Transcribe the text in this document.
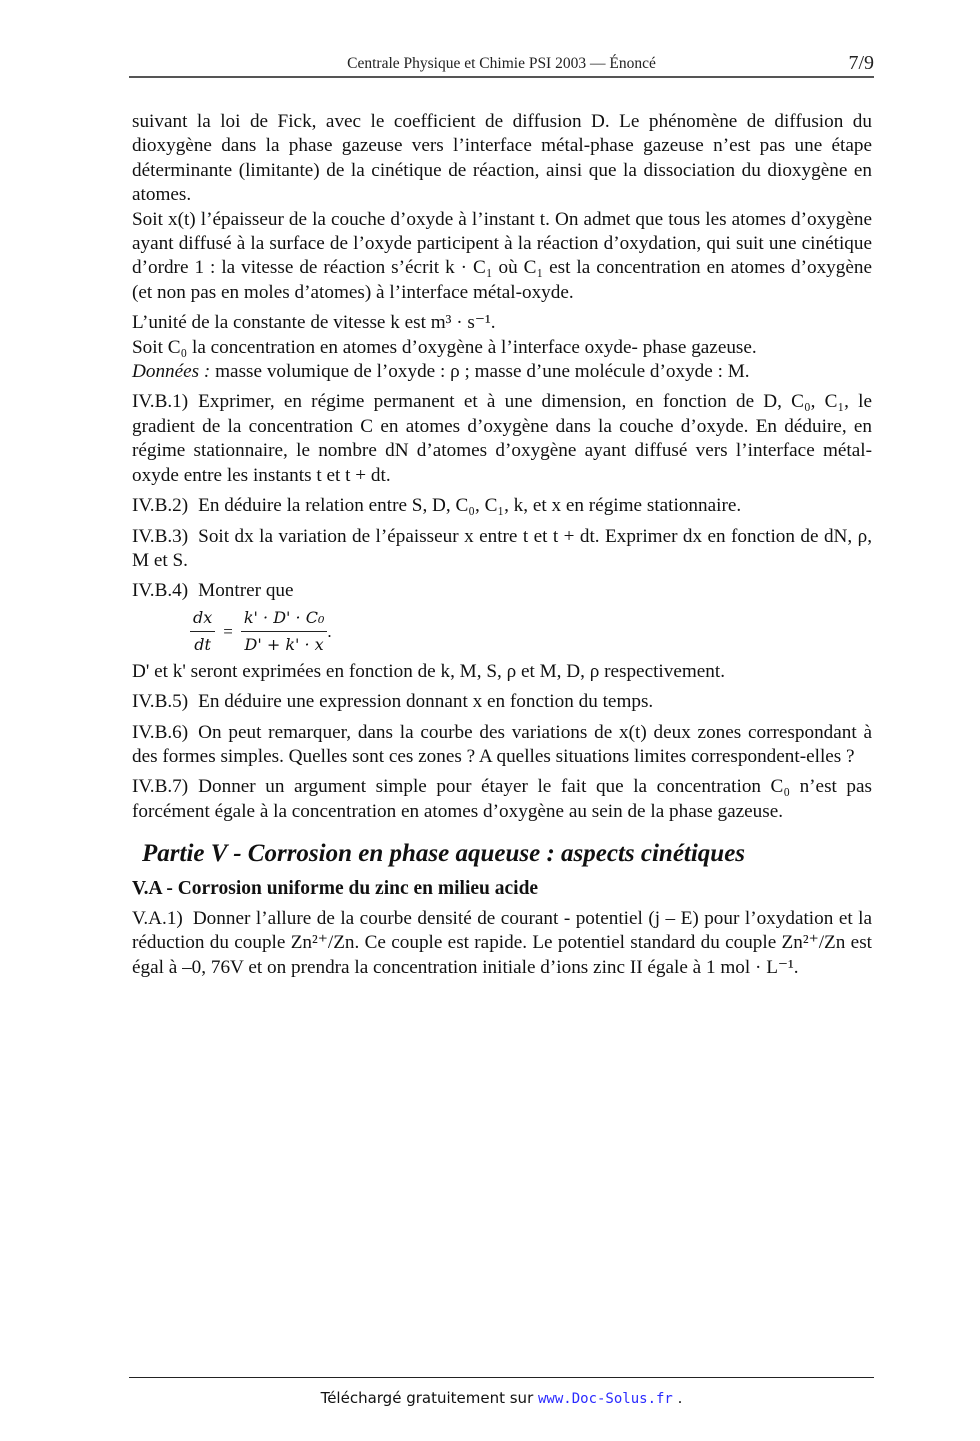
Centrale Physique et Chimie PSI 2003 — Énoncé	7/9

suivant la loi de Fick, avec le coefficient de diffusion D. Le phénomène de diffusion du dioxygène dans la phase gazeuse vers l’interface métal-phase gazeuse n’est pas une étape déterminante (limitante) de la cinétique de réaction, ainsi que la dissociation du dioxygène en atomes.

Soit x(t) l’épaisseur de la couche d’oxyde à l’instant t. On admet que tous les atomes d’oxygène ayant diffusé à la surface de l’oxyde participent à la réaction d’oxydation, qui suit une cinétique d’ordre 1 : la vitesse de réaction s’écrit k · C₁ où C₁ est la concentration en atomes d’oxygène (et non pas en moles d’atomes) à l’interface métal-oxyde.

L’unité de la constante de vitesse k est m³ · s⁻¹.

Soit C₀ la concentration en atomes d’oxygène à l’interface oxyde- phase gazeuse.

Données : masse volumique de l’oxyde : ρ ; masse d’une molécule d’oxyde : M.

IV.B.1) Exprimer, en régime permanent et à une dimension, en fonction de D, C₀, C₁, le gradient de la concentration C en atomes d’oxygène dans la couche d’oxyde. En déduire, en régime stationnaire, le nombre dN d’atomes d’oxygène ayant diffusé vers l’interface métal-oxyde entre les instants t et t + dt.

IV.B.2) En déduire la relation entre S, D, C₀, C₁, k, et x en régime stationnaire.

IV.B.3) Soit dx la variation de l’épaisseur x entre t et t + dt. Exprimer dx en fonction de dN, ρ, M et S.

IV.B.4) Montrer que

$\frac{dx}{dt} = \frac{\text{k' · D' · C₀}}{D' + k' \cdot x}$ .

D' et k' seront exprimées en fonction de k, M, S, ρ et M, D, ρ respectivement.

IV.B.5) En déduire une expression donnant x en fonction du temps.

IV.B.6) On peut remarquer, dans la courbe des variations de x(t) deux zones correspondant à des formes simples. Quelles sont ces zones ? A quelles situations limites correspondent-elles ?

IV.B.7) Donner un argument simple pour étayer le fait que la concentration C₀ n’est pas forcément égale à la concentration en atomes d’oxygène au sein de la phase gazeuse.

Partie V - Corrosion en phase aqueuse : aspects cinétiques
V.A - Corrosion uniforme du zinc en milieu acide

V.A.1) Donner l’allure de la courbe densité de courant - potentiel (j – E) pour l’oxydation et la réduction du couple Zn²⁺/Zn. Ce couple est rapide. Le potentiel standard du couple Zn²⁺/Zn est égal à –0, 76V et on prendra la concentration initiale d’ions zinc II égale à 1 mol · L⁻¹.

Téléchargé gratuitement sur www.Doc-Solus.fr .
